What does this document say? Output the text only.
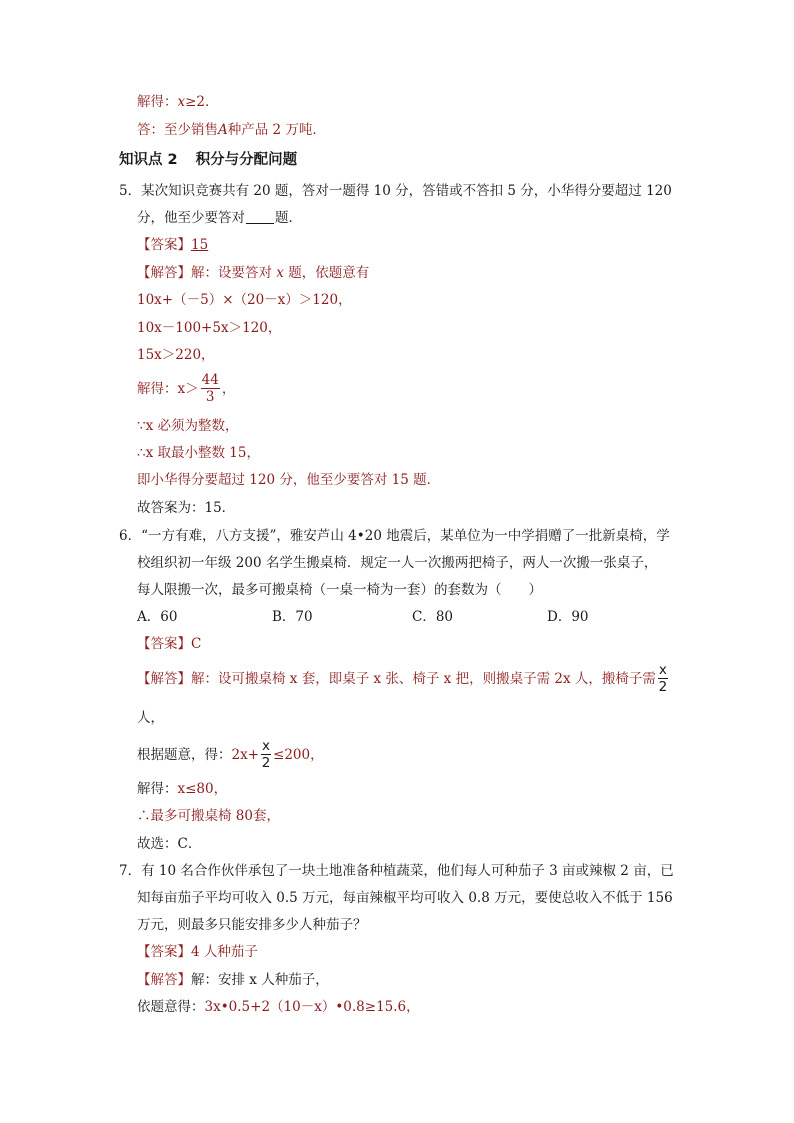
解得：x≥2．
答：至少销售A种产品 2 万吨．
知识点 2 积分与分配问题
5．某次知识竞赛共有 20 题，答对一题得 10 分，答错或不答扣 5 分，小华得分要超过 120
分，他至少要答对 题．
【答案】15
【解答】解：设要答对 x 题，依题意有
10x+（－5）×（20－x）＞120，
10x－100+5x＞120，
15x＞220，
解得： $x> \frac{44}{3}$ ，
∵x 必须为整数，
∴x 取最小整数 15，
即小华得分要超过 120 分，他至少要答对 15 题．
故答案为：15．
6．“一方有难，八方支援”，雅安芦山 4•20 地震后，某单位为一中学捐赠了一批新桌椅，学
校组织初一年级 200 名学生搬桌椅．规定一人一次搬两把椅子，两人一次搬一张桌子，
每人限搬一次，最多可搬桌椅（一桌一椅为一套）的套数为（　　）
A．60	B．70	C．80	D．90
【答案】C
【解答】 解：设可搬桌椅 x 套，即桌子 x 张、椅子 x 把，则搬桌子需 2x 人，搬椅子需 $\frac{x}{2}$
人，
根据题意，得： $2x+ \frac{x}{2} \le 200$，
解得：x≤80，
∴最多可搬桌椅 80套，
故选：C．
7．有 10 名合作伙伴承包了一块土地准备种植蔬菜，他们每人可种茄子 3 亩或辣椒 2 亩，已
知每亩茄子平均可收入 0.5 万元，每亩辣椒平均可收入 0.8 万元，要使总收入不低于 156
万元，则最多只能安排多少人种茄子？
【答案】4 人种茄子
【解答】解：安排 x 人种茄子，
依题意得：3x•0.5+2（10－x）•0.8≥15.6，
